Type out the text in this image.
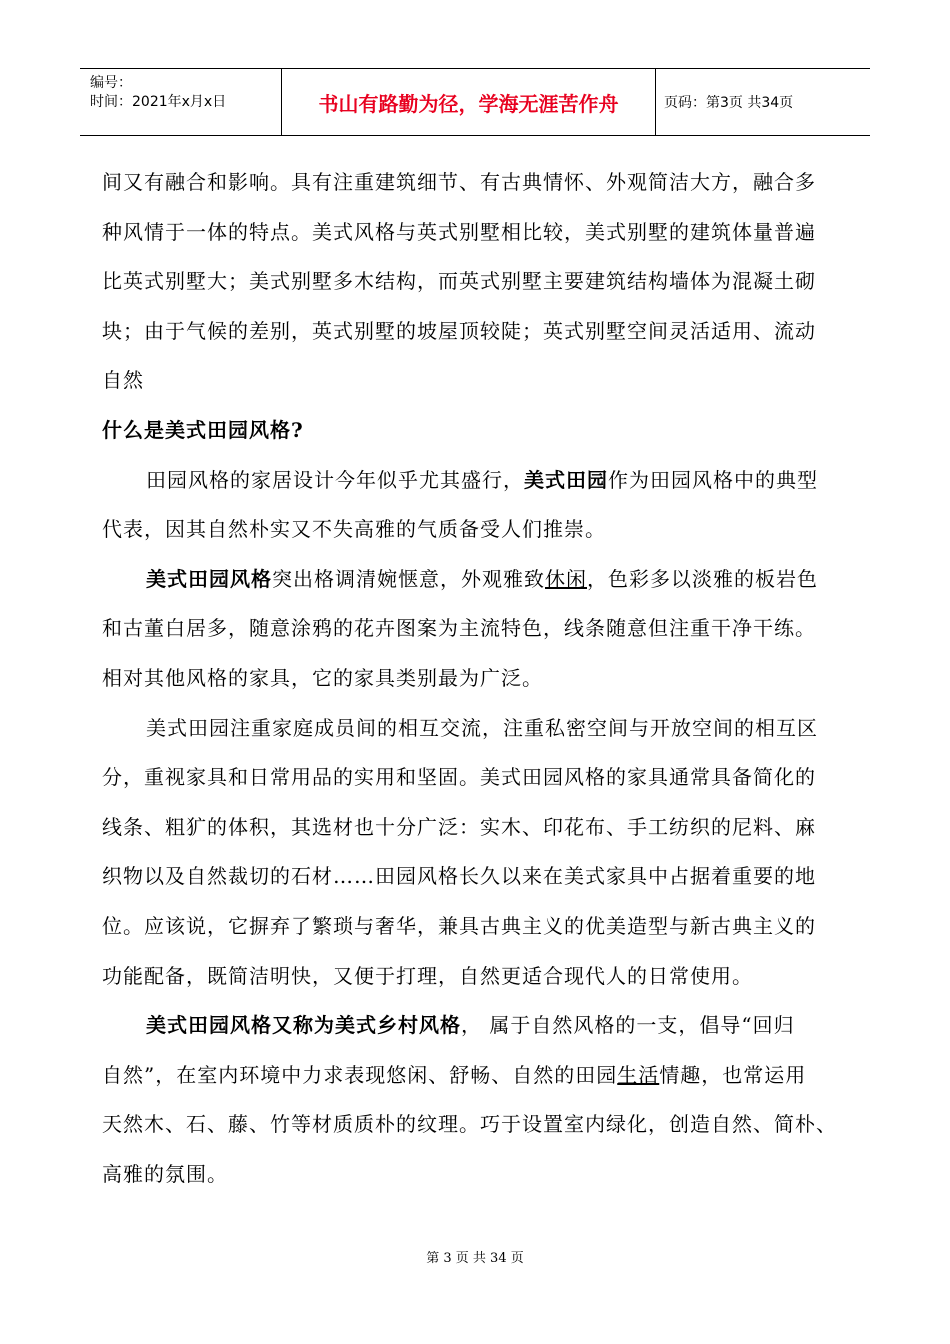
编号：
时间：2021年x月x日	书山有路勤为径，学海无涯苦作舟	页码：第3页 共34页
间又有融合和影响。具有注重建筑细节、有古典情怀、外观简洁大方，融合多
种风情于一体的特点。美式风格与英式别墅相比较，美式别墅的建筑体量普遍
比英式别墅大；美式别墅多木结构，而英式别墅主要建筑结构墙体为混凝土砌
块；由于气候的差别，英式别墅的坡屋顶较陡；英式别墅空间灵活适用、流动
自然
什么是美式田园风格?
田园风格的家居设计今年似乎尤其盛行，美式田园作为田园风格中的典型
代表，因其自然朴实又不失高雅的气质备受人们推崇。
美式田园风格突出格调清婉惬意，外观雅致休闲，色彩多以淡雅的板岩色
和古董白居多，随意涂鸦的花卉图案为主流特色，线条随意但注重干净干练。
相对其他风格的家具，它的家具类别最为广泛。
美式田园注重家庭成员间的相互交流，注重私密空间与开放空间的相互区
分，重视家具和日常用品的实用和坚固。美式田园风格的家具通常具备简化的
线条、粗犷的体积，其选材也十分广泛：实木、印花布、手工纺织的尼料、麻
织物以及自然裁切的石材……田园风格长久以来在美式家具中占据着重要的地
位。应该说，它摒弃了繁琐与奢华，兼具古典主义的优美造型与新古典主义的
功能配备，既简洁明快，又便于打理，自然更适合现代人的日常使用。
美式田园风格又称为美式乡村风格， 属于自然风格的一支，倡导“回归
自然”，在室内环境中力求表现悠闲、舒畅、自然的田园生活情趣，也常运用
天然木、石、藤、竹等材质质朴的纹理。巧于设置室内绿化，创造自然、简朴、
高雅的氛围。
第 3 页 共 34 页
